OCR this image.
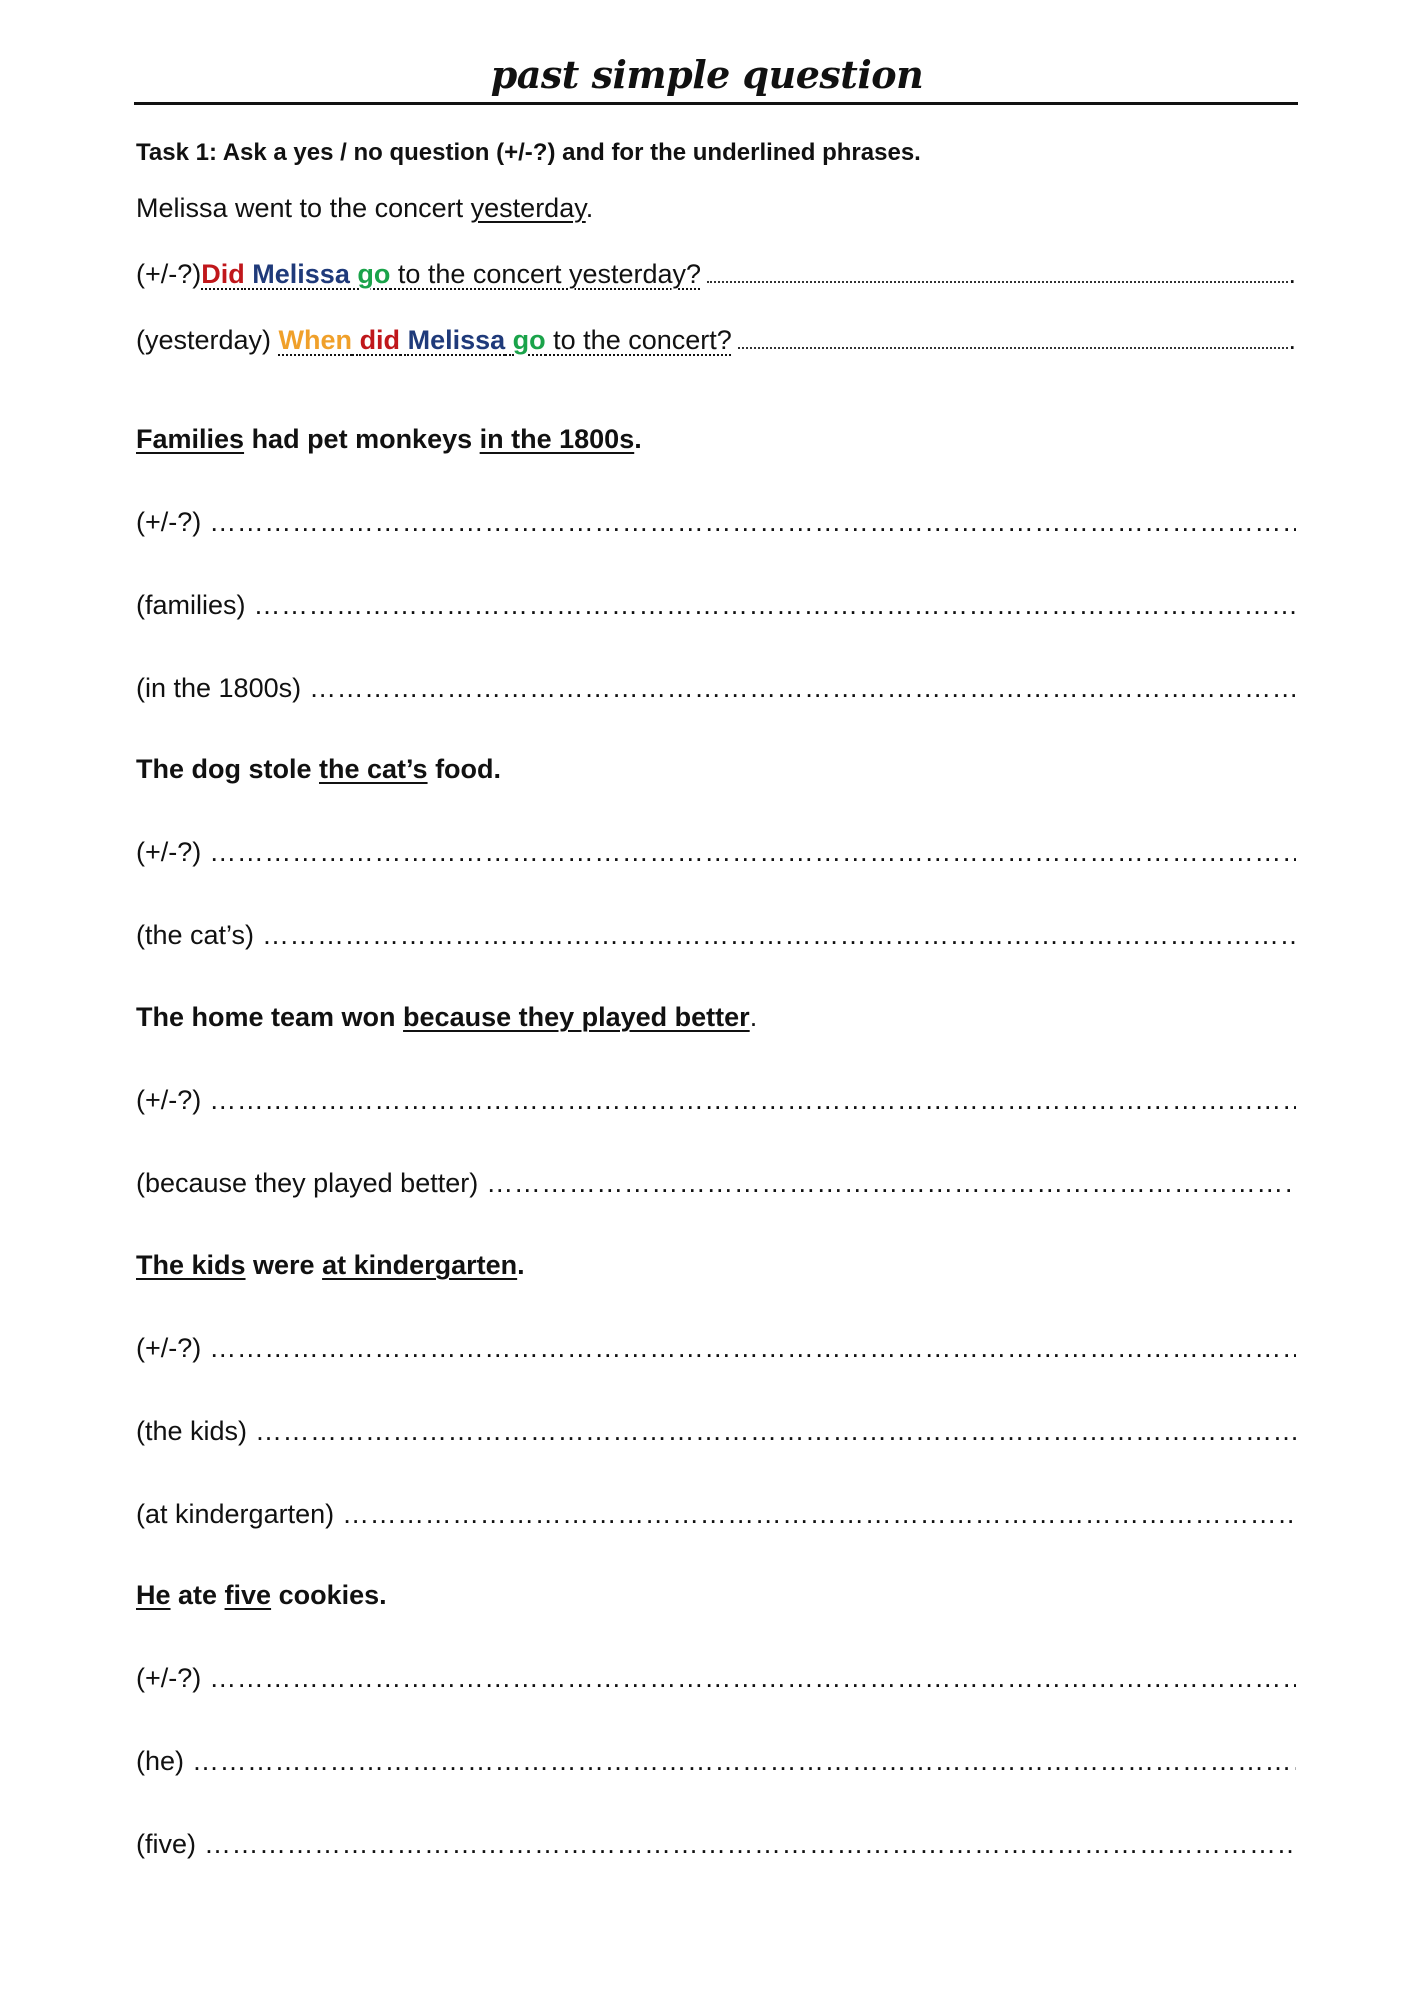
past simple question
Task 1: Ask a yes / no question (+/-?) and for the underlined phrases.
Melissa went to the concert yesterday.
(+/-?) Did Melissa go to the concert yesterday?	.
(yesterday) When did Melissa go to the concert?	.
Families had pet monkeys in the 1800s.
(+/-?)
……………………………………………………………………………………………………………………………………………………………………………………………………………………………
(families)
……………………………………………………………………………………………………………………………………………………………………………………………………………………………
(in the 1800s)
……………………………………………………………………………………………………………………………………………………………………………………………………………………………
The dog stole the cat’s food.
(+/-?)
……………………………………………………………………………………………………………………………………………………………………………………………………………………………
(the cat’s)
……………………………………………………………………………………………………………………………………………………………………………………………………………………………
The home team won because they played better.
(+/-?)
……………………………………………………………………………………………………………………………………………………………………………………………………………………………
(because they played better)
……………………………………………………………………………………………………………………………………………………………………………………………………………………………
The kids were at kindergarten.
(+/-?)
……………………………………………………………………………………………………………………………………………………………………………………………………………………………
(the kids)
……………………………………………………………………………………………………………………………………………………………………………………………………………………………
(at kindergarten)
……………………………………………………………………………………………………………………………………………………………………………………………………………………………
He ate five cookies.
(+/-?)
……………………………………………………………………………………………………………………………………………………………………………………………………………………………
(he)
……………………………………………………………………………………………………………………………………………………………………………………………………………………………
(five)
……………………………………………………………………………………………………………………………………………………………………………………………………………………………
